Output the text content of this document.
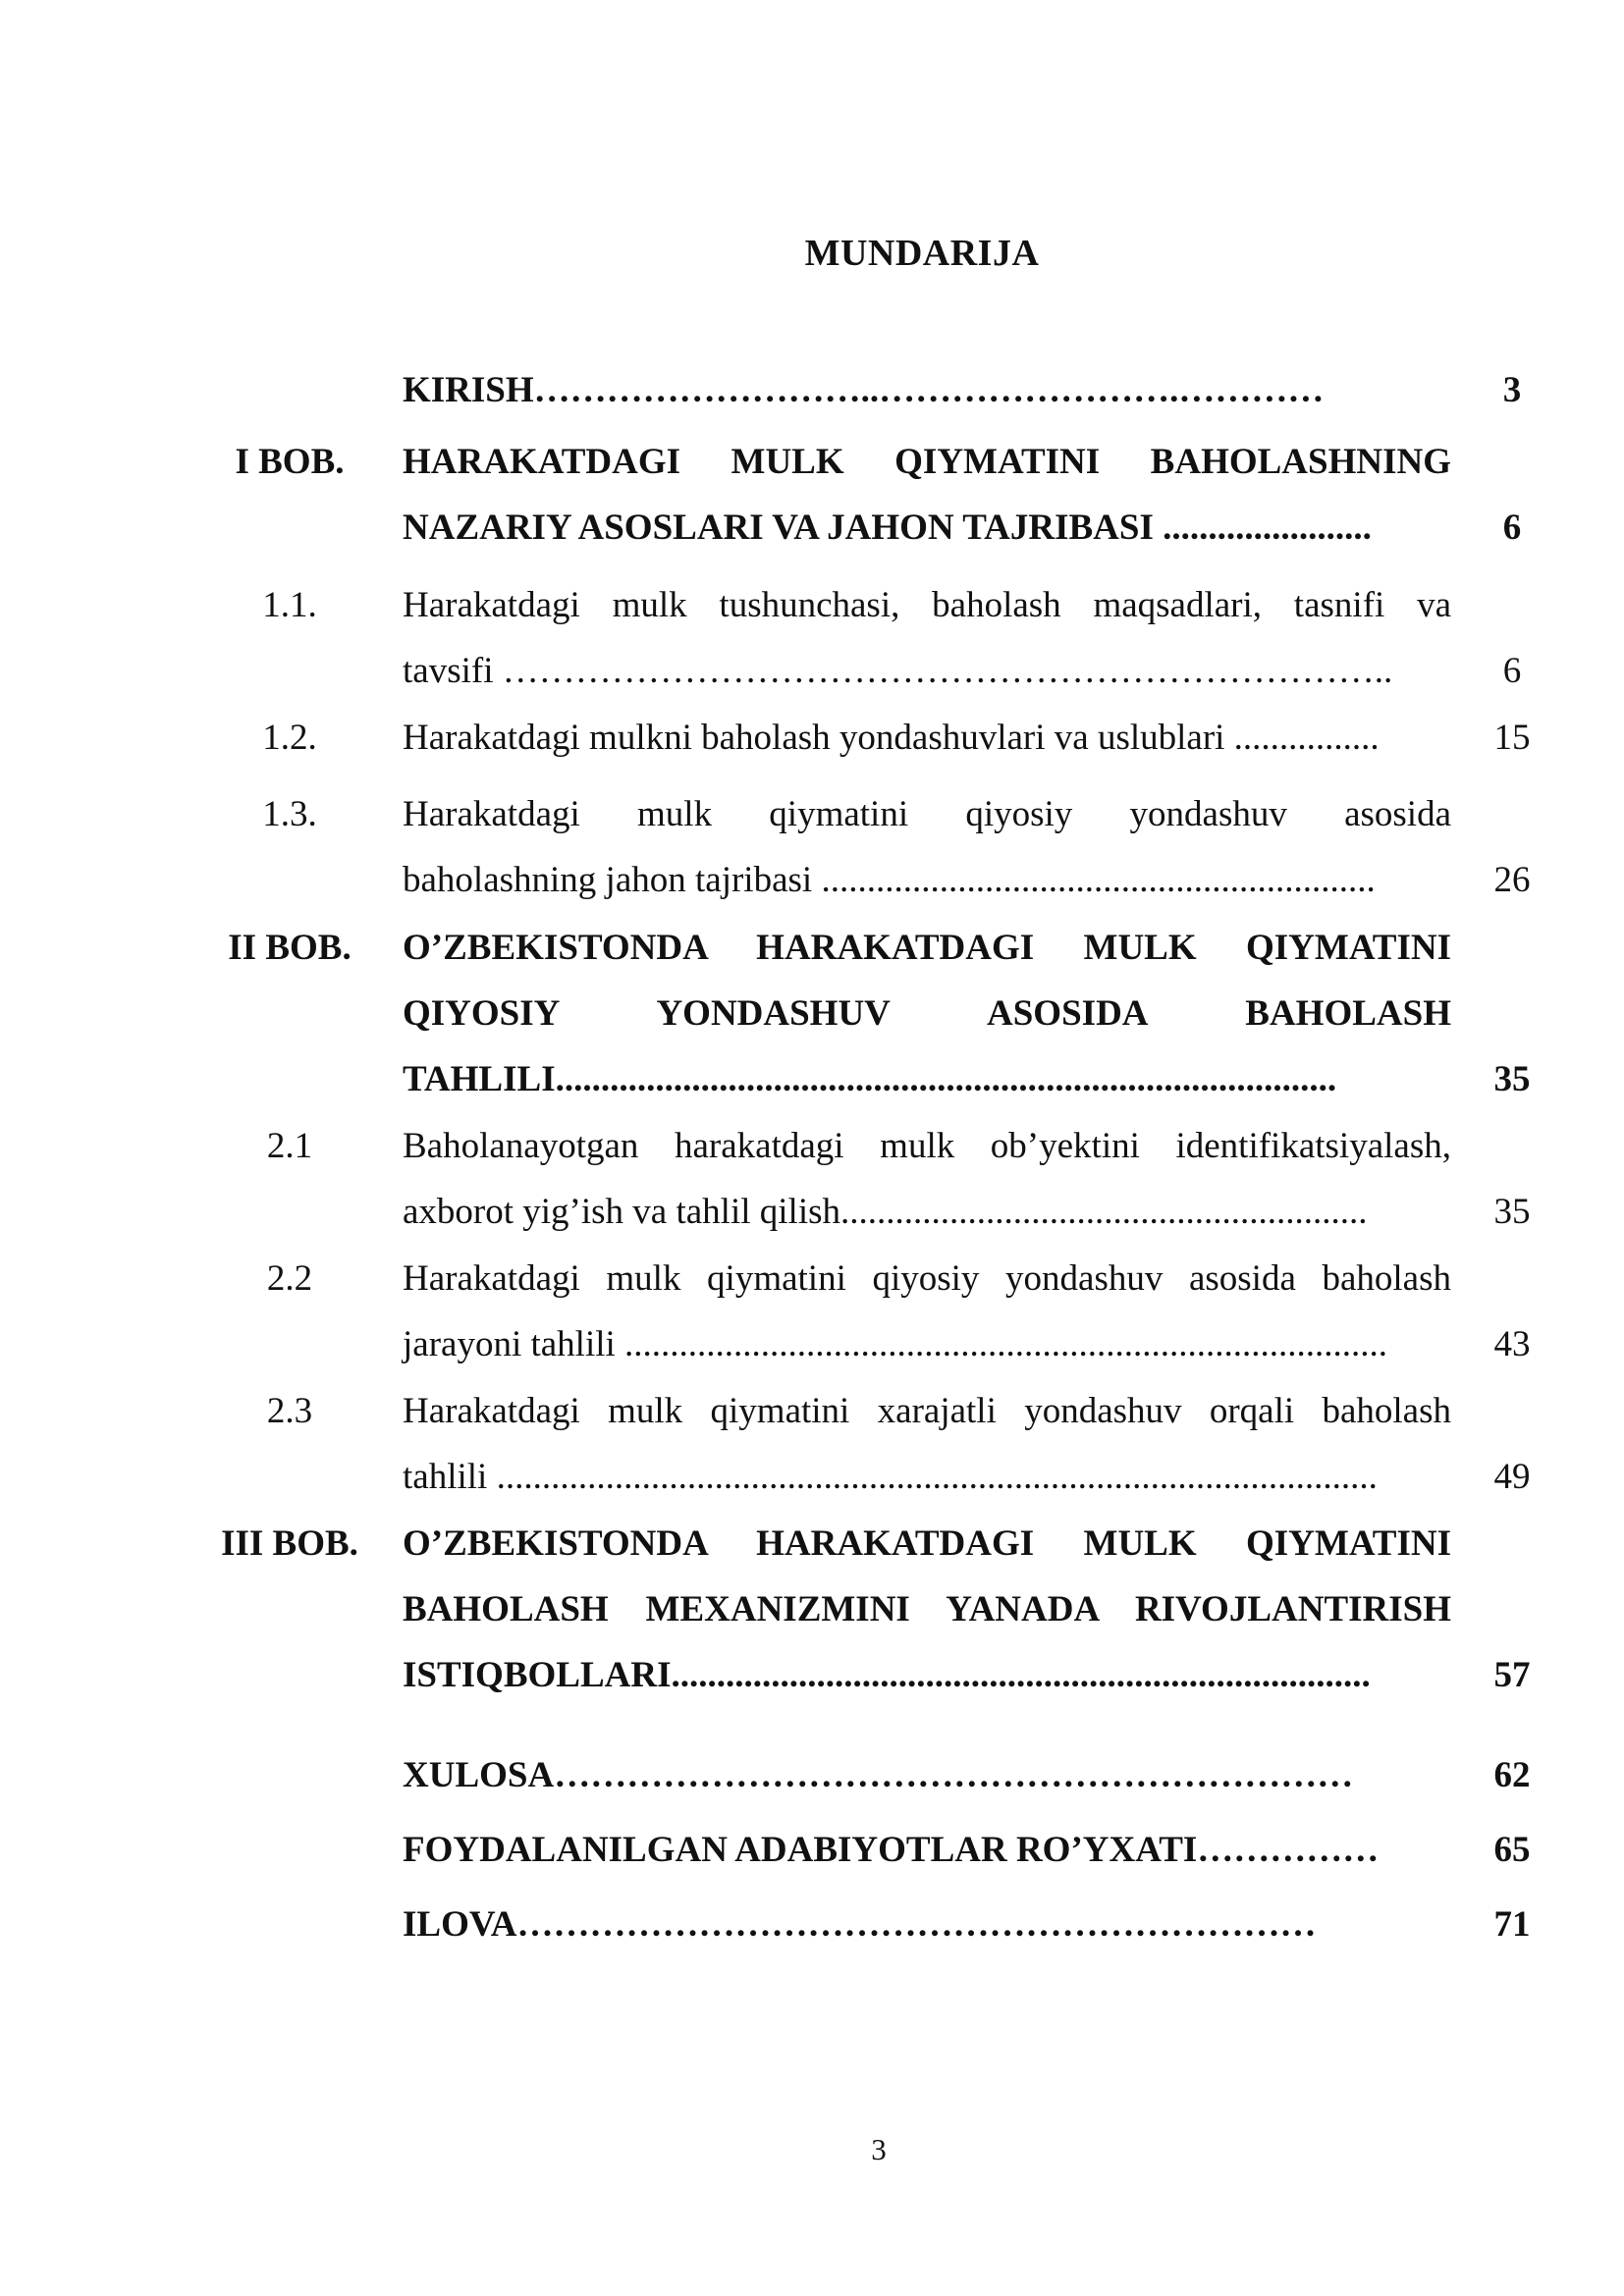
MUNDARIJA
KIRISH………………………..…………………….…………	3
I BOB.	HARAKATDAGI MULK QIYMATINI BAHOLASHNING
NAZARIY ASOSLARI VA JAHON TAJRIBASI .......................	6
1.1.	Harakatdagi mulk tushunchasi, baholash maqsadlari, tasnifi va
tavsifi ………………………………………………………………..	6
1.2.	Harakatdagi mulkni baholash yondashuvlari va uslublari ................	15
1.3.	Harakatdagi mulk qiymatini qiyosiy yondashuv asosida
baholashning jahon tajribasi .............................................................	26
II BOB.	O’ZBEKISTONDA HARAKATDAGI MULK QIYMATINI
QIYOSIY YONDASHUV ASOSIDA BAHOLASH
TAHLILI......................................................................................	35
2.1	Baholanayotgan harakatdagi mulk ob’yektini identifikatsiyalash,
axborot yig’ish va tahlil qilish..........................................................	35
2.2	Harakatdagi mulk qiymatini qiyosiy yondashuv asosida baholash
jarayoni tahlili ....................................................................................	43
2.3	Harakatdagi mulk qiymatini xarajatli yondashuv orqali baholash
tahlili .................................................................................................	49
III BOB.	O’ZBEKISTONDA HARAKATDAGI MULK QIYMATINI
BAHOLASH MEXANIZMINI YANADA RIVOJLANTIRISH
ISTIQBOLLARI.............................................................................	57
XULOSA…………………………………………………………	62
FOYDALANILGAN ADABIYOTLAR RO’YXATI……………	65
ILOVA…………………………………………………………	71
3
